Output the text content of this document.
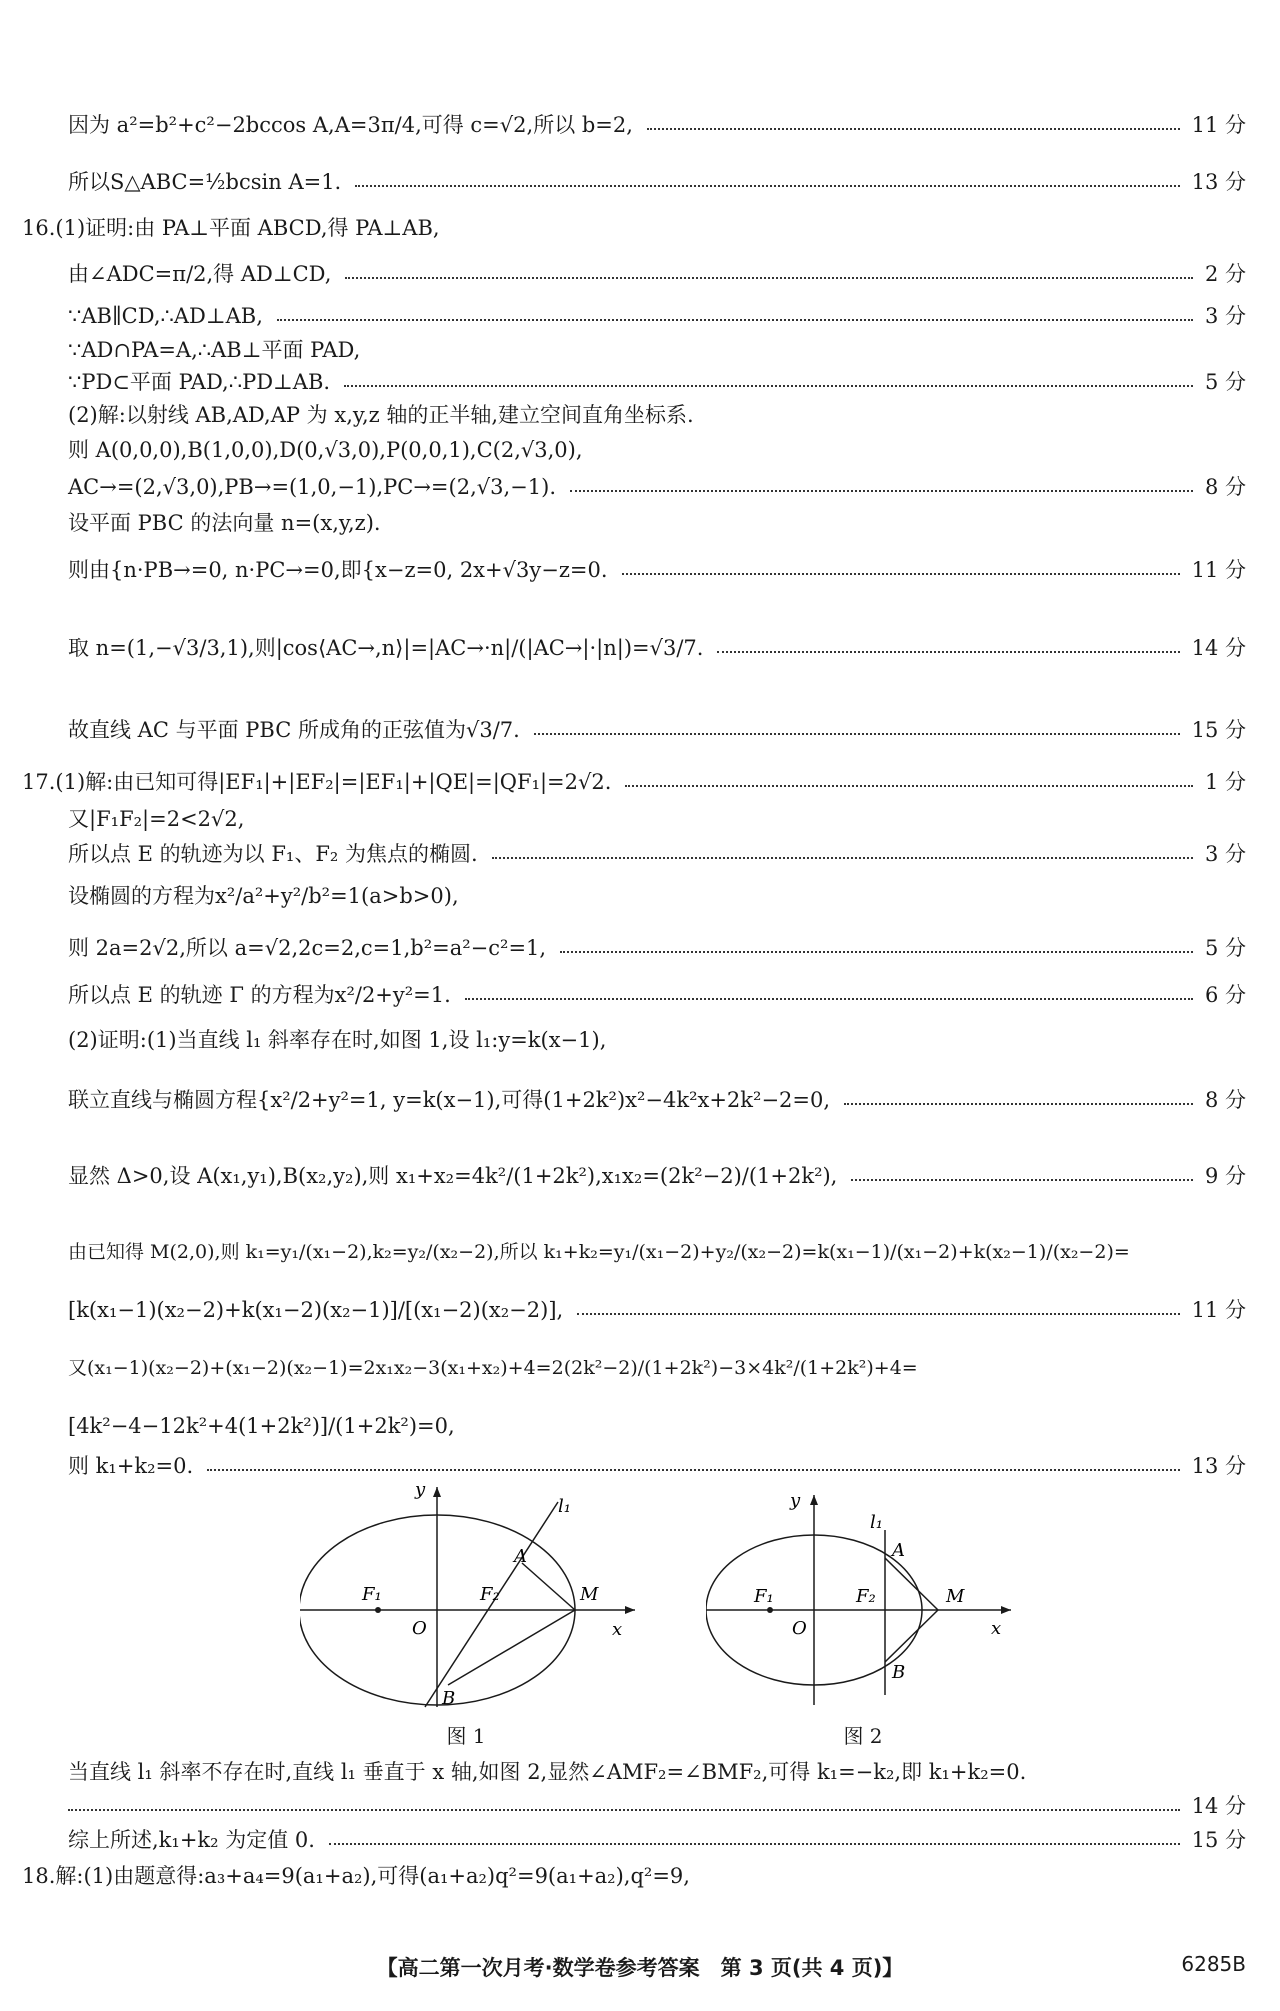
因为 a²=b²+c²−2bccos A,A=3π/4,可得 c=√2,所以 b=2,	11 分
所以S△ABC=½bcsin A=1.	13 分
16.(1)证明:由 PA⊥平面 ABCD,得 PA⊥AB,
由∠ADC=π/2,得 AD⊥CD,	2 分
∵AB∥CD,∴AD⊥AB,	3 分
∵AD∩PA=A,∴AB⊥平面 PAD,
∵PD⊂平面 PAD,∴PD⊥AB.	5 分
(2)解:以射线 AB,AD,AP 为 x,y,z 轴的正半轴,建立空间直角坐标系.
则 A(0,0,0),B(1,0,0),D(0,√3,0),P(0,0,1),C(2,√3,0),
AC→=(2,√3,0),PB→=(1,0,−1),PC→=(2,√3,−1).	8 分
设平面 PBC 的法向量 n=(x,y,z).
则由{n·PB→=0, n·PC→=0,即{x−z=0, 2x+√3y−z=0.	11 分
取 n=(1,−√3/3,1),则|cos⟨AC→,n⟩|=|AC→·n|/(|AC→|·|n|)=√3/7.	14 分
故直线 AC 与平面 PBC 所成角的正弦值为√3/7.	15 分
17.(1)解:由已知可得|EF₁|+|EF₂|=|EF₁|+|QE|=|QF₁|=2√2.	1 分
又|F₁F₂|=2<2√2,
所以点 E 的轨迹为以 F₁、F₂ 为焦点的椭圆.	3 分
设椭圆的方程为x²/a²+y²/b²=1(a>b>0),
则 2a=2√2,所以 a=√2,2c=2,c=1,b²=a²−c²=1,	5 分
所以点 E 的轨迹 Γ 的方程为x²/2+y²=1.	6 分
(2)证明:(1)当直线 l₁ 斜率存在时,如图 1,设 l₁:y=k(x−1),
联立直线与椭圆方程{x²/2+y²=1, y=k(x−1),可得(1+2k²)x²−4k²x+2k²−2=0,	8 分
显然 Δ>0,设 A(x₁,y₁),B(x₂,y₂),则 x₁+x₂=4k²/(1+2k²),x₁x₂=(2k²−2)/(1+2k²),	9 分
由已知得 M(2,0),则 k₁=y₁/(x₁−2),k₂=y₂/(x₂−2),所以 k₁+k₂=y₁/(x₁−2)+y₂/(x₂−2)=k(x₁−1)/(x₁−2)+k(x₂−1)/(x₂−2)=
[k(x₁−1)(x₂−2)+k(x₁−2)(x₂−1)]/[(x₁−2)(x₂−2)],	11 分
又(x₁−1)(x₂−2)+(x₁−2)(x₂−1)=2x₁x₂−3(x₁+x₂)+4=2(2k²−2)/(1+2k²)−3×4k²/(1+2k²)+4=
[4k²−4−12k²+4(1+2k²)]/(1+2k²)=0,
则 k₁+k₂=0.	13 分
y
x
O
F₁	F₂
A
B
M
l₁
图 1
y
x
O
F₁	F₂
A
B
M
l₁
图 2
当直线 l₁ 斜率不存在时,直线 l₁ 垂直于 x 轴,如图 2,显然∠AMF₂=∠BMF₂,可得 k₁=−k₂,即 k₁+k₂=0.
14 分
综上所述,k₁+k₂ 为定值 0.	15 分
18.解:(1)由题意得:a₃+a₄=9(a₁+a₂),可得(a₁+a₂)q²=9(a₁+a₂),q²=9,
【高二第一次月考·数学卷参考答案　第 3 页(共 4 页)】	6285B
